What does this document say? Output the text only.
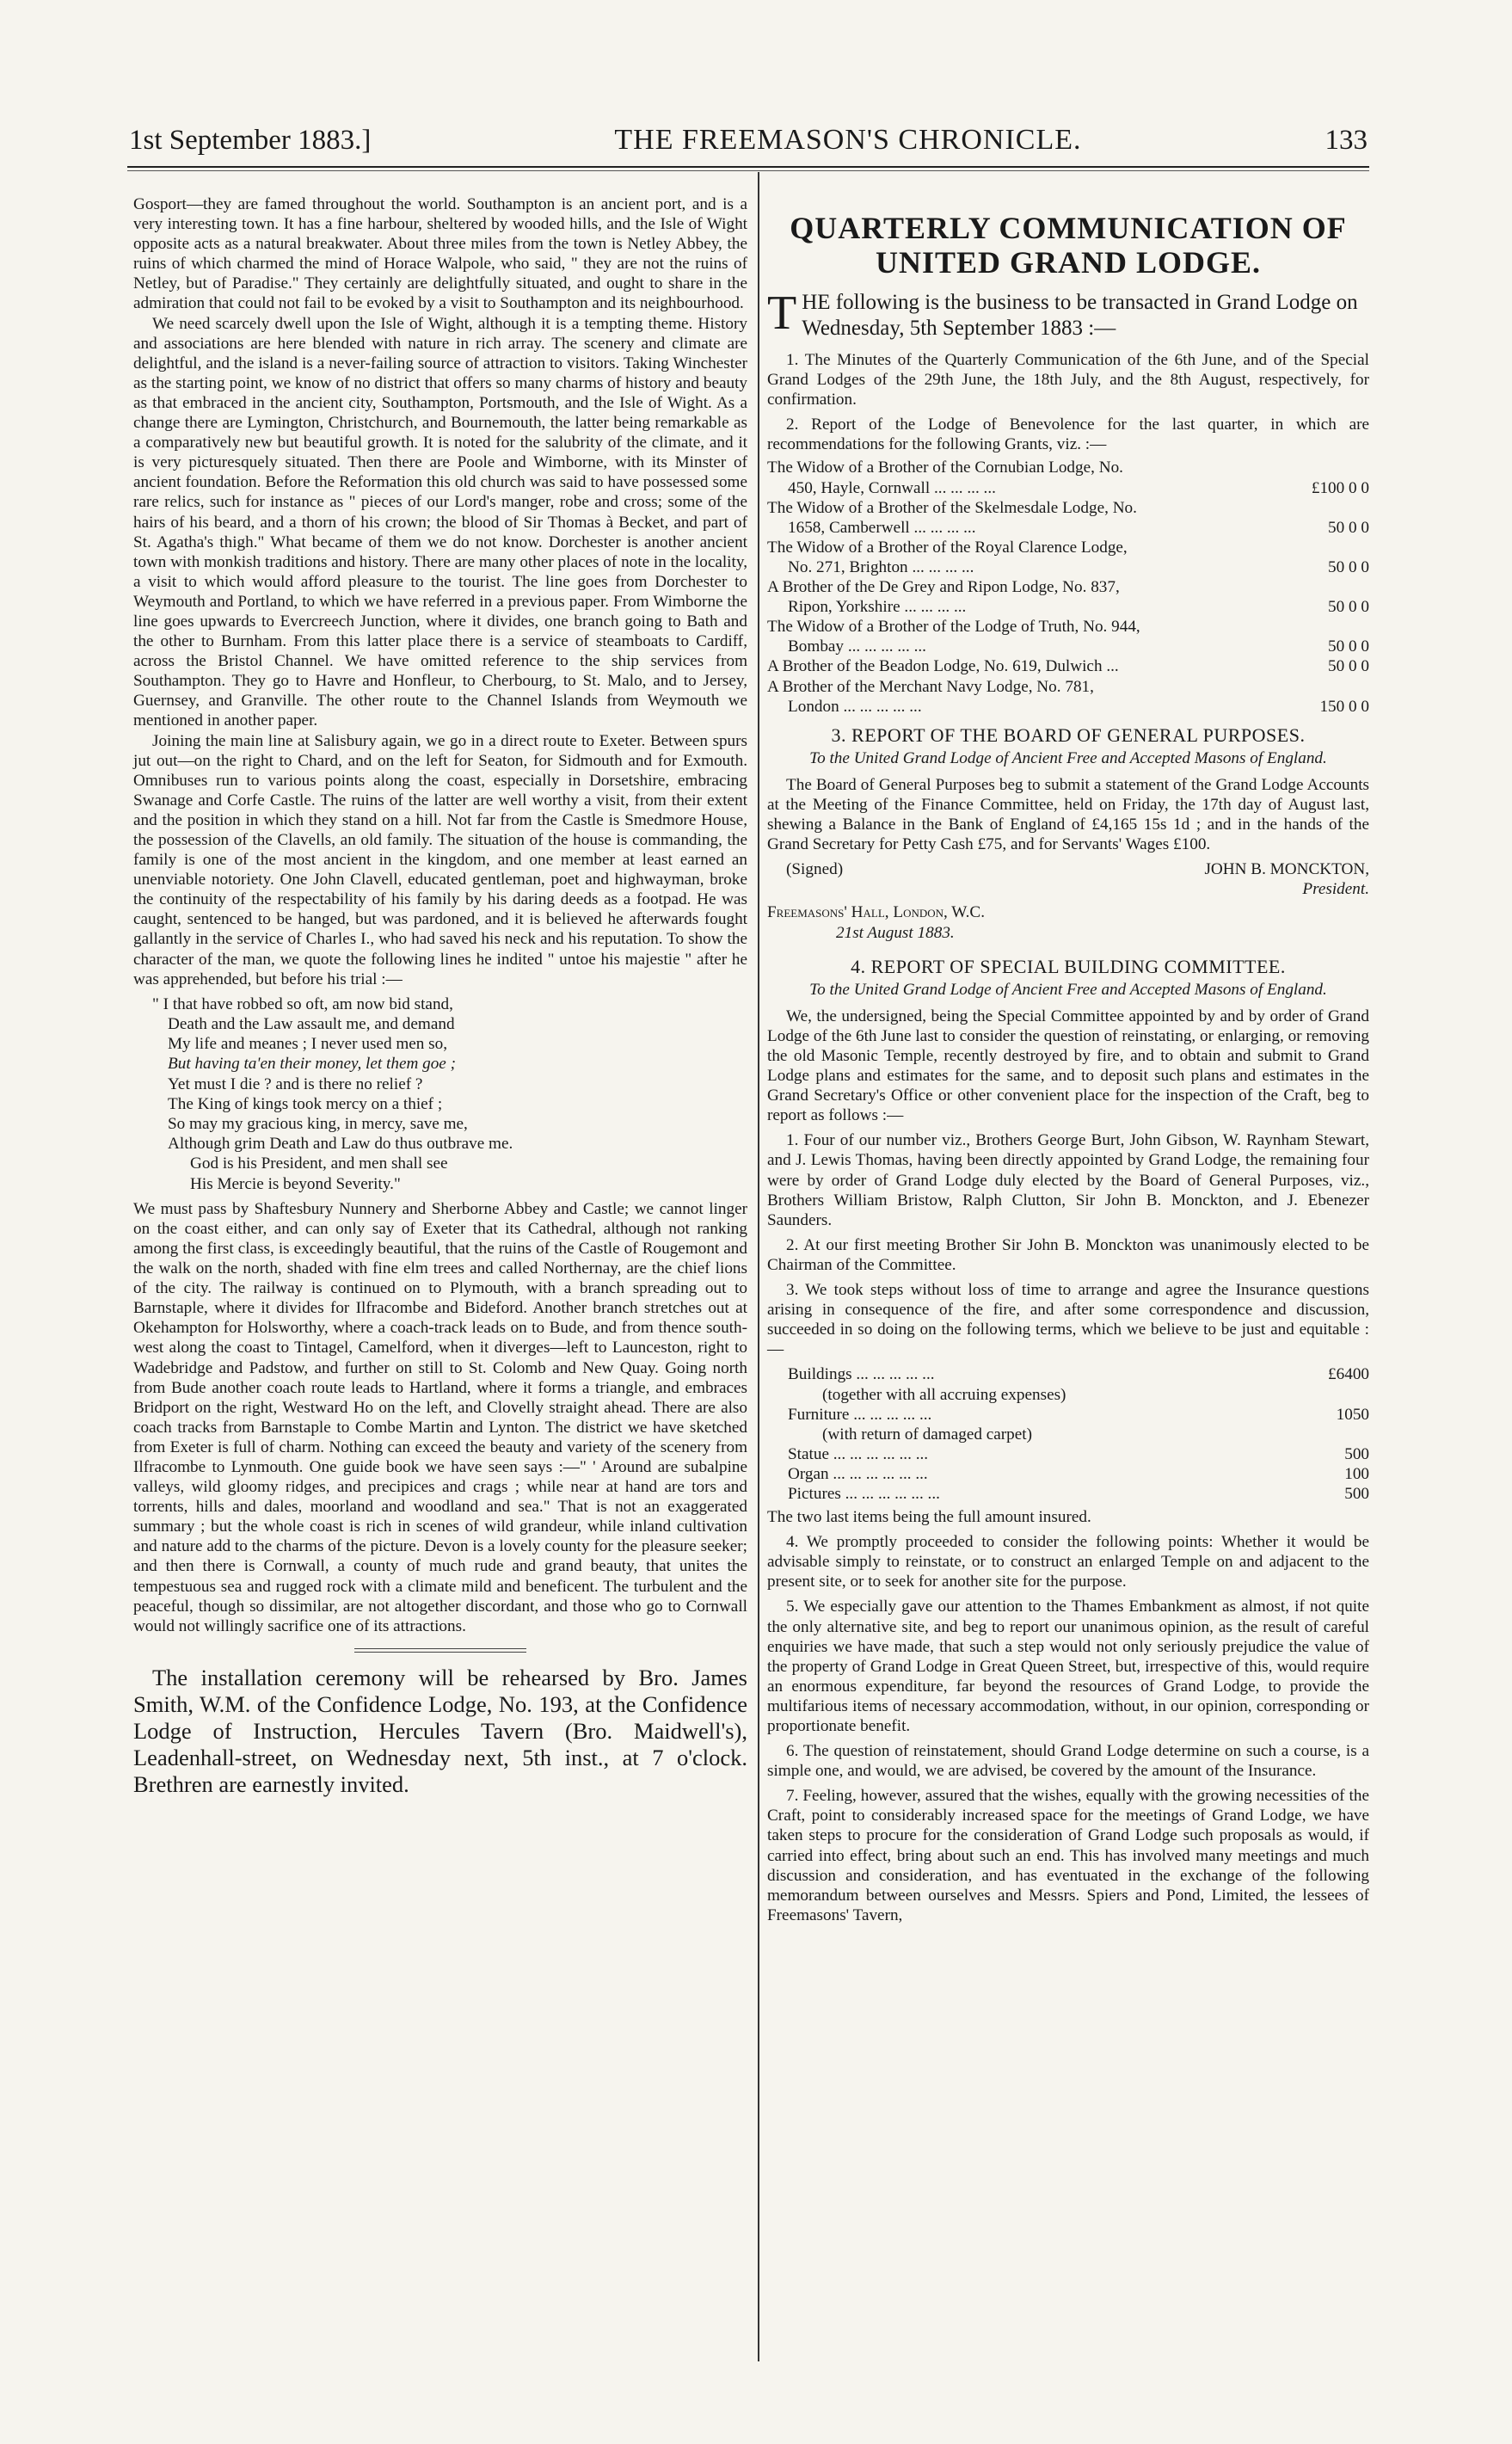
1st September 1883.]	THE FREEMASON'S CHRONICLE.	133

Gosport—they are famed throughout the world. Southampton is an ancient port, and is a very interesting town. It has a fine harbour, sheltered by wooded hills, and the Isle of Wight opposite acts as a natural breakwater. About three miles from the town is Netley Abbey, the ruins of which charmed the mind of Horace Walpole, who said, " they are not the ruins of Netley, but of Paradise." They certainly are delightfully situated, and ought to share in the admiration that could not fail to be evoked by a visit to Southampton and its neighbourhood.

We need scarcely dwell upon the Isle of Wight, although it is a tempting theme. History and associations are here blended with nature in rich array. The scenery and climate are delightful, and the island is a never-failing source of attraction to visitors. Taking Winchester as the starting point, we know of no district that offers so many charms of history and beauty as that embraced in the ancient city, Southampton, Portsmouth, and the Isle of Wight. As a change there are Lymington, Christchurch, and Bournemouth, the latter being remarkable as a comparatively new but beautiful growth. It is noted for the salubrity of the climate, and it is very picturesquely situated. Then there are Poole and Wimborne, with its Minster of ancient foundation. Before the Reformation this old church was said to have possessed some rare relics, such for instance as " pieces of our Lord's manger, robe and cross; some of the hairs of his beard, and a thorn of his crown; the blood of Sir Thomas à Becket, and part of St. Agatha's thigh." What became of them we do not know. Dorchester is another ancient town with monkish traditions and history. There are many other places of note in the locality, a visit to which would afford pleasure to the tourist. The line goes from Dorchester to Weymouth and Portland, to which we have referred in a previous paper. From Wimborne the line goes upwards to Evercreech Junction, where it divides, one branch going to Bath and the other to Burnham. From this latter place there is a service of steamboats to Cardiff, across the Bristol Channel. We have omitted reference to the ship services from Southampton. They go to Havre and Honfleur, to Cherbourg, to St. Malo, and to Jersey, Guernsey, and Granville. The other route to the Channel Islands from Weymouth we mentioned in another paper.

Joining the main line at Salisbury again, we go in a direct route to Exeter. Between spurs jut out—on the right to Chard, and on the left for Seaton, for Sidmouth and for Exmouth. Omnibuses run to various points along the coast, especially in Dorsetshire, embracing Swanage and Corfe Castle. The ruins of the latter are well worthy a visit, from their extent and the position in which they stand on a hill. Not far from the Castle is Smedmore House, the possession of the Clavells, an old family. The situation of the house is commanding, the family is one of the most ancient in the kingdom, and one member at least earned an unenviable notoriety. One John Clavell, educated gentleman, poet and highwayman, broke the continuity of the respectability of his family by his daring deeds as a footpad. He was caught, sentenced to be hanged, but was pardoned, and it is believed he afterwards fought gallantly in the service of Charles I., who had saved his neck and his reputation. To show the character of the man, we quote the following lines he indited " untoe his majestie " after he was apprehended, but before his trial :—

" I that have robbed so oft, am now bid stand,
Death and the Law assault me, and demand
My life and meanes ; I never used men so,
But having ta'en their money, let them goe ;
Yet must I die ? and is there no relief ?
The King of kings took mercy on a thief ;
So may my gracious king, in mercy, save me,
Although grim Death and Law do thus outbrave me.
God is his President, and men shall see
His Mercie is beyond Severity."

We must pass by Shaftesbury Nunnery and Sherborne Abbey and Castle; we cannot linger on the coast either, and can only say of Exeter that its Cathedral, although not ranking among the first class, is exceedingly beautiful, that the ruins of the Castle of Rougemont and the walk on the north, shaded with fine elm trees and called Northernay, are the chief lions of the city. The railway is continued on to Plymouth, with a branch spreading out to Barnstaple, where it divides for Ilfracombe and Bideford. Another branch stretches out at Okehampton for Holsworthy, where a coach-track leads on to Bude, and from thence south-west along the coast to Tintagel, Camelford, when it diverges—left to Launceston, right to Wadebridge and Padstow, and further on still to St. Colomb and New Quay. Going north from Bude another coach route leads to Hartland, where it forms a triangle, and embraces Bridport on the right, Westward Ho on the left, and Clovelly straight ahead. There are also coach tracks from Barnstaple to Combe Martin and Lynton. The district we have sketched from Exeter is full of charm. Nothing can exceed the beauty and variety of the scenery from Ilfracombe to Lynmouth. One guide book we have seen says :—" ' Around are subalpine valleys, wild gloomy ridges, and precipices and crags ; while near at hand are tors and torrents, hills and dales, moorland and woodland and sea." That is not an exaggerated summary ; but the whole coast is rich in scenes of wild grandeur, while inland cultivation and nature add to the charms of the picture. Devon is a lovely county for the pleasure seeker; and then there is Cornwall, a county of much rude and grand beauty, that unites the tempestuous sea and rugged rock with a climate mild and beneficent. The turbulent and the peaceful, though so dissimilar, are not altogether discordant, and those who go to Cornwall would not willingly sacrifice one of its attractions.

The installation ceremony will be rehearsed by Bro. James Smith, W.M. of the Confidence Lodge, No. 193, at the Confidence Lodge of Instruction, Hercules Tavern (Bro. Maidwell's), Leadenhall-street, on Wednesday next, 5th inst., at 7 o'clock. Brethren are earnestly invited.

QUARTERLY COMMUNICATION OF UNITED GRAND LODGE.
T HE following is the business to be transacted in Grand Lodge on Wednesday, 5th September 1883 :—

1. The Minutes of the Quarterly Communication of the 6th June, and of the Special Grand Lodges of the 29th June, the 18th July, and the 8th August, respectively, for confirmation.

2. Report of the Lodge of Benevolence for the last quarter, in which are recommendations for the following Grants, viz. :—

The Widow of a Brother of the Cornubian Lodge, No.
450, Hayle, Cornwall ... ... ... ...	£100 0 0
The Widow of a Brother of the Skelmesdale Lodge, No.
1658, Camberwell ... ... ... ...	50 0 0
The Widow of a Brother of the Royal Clarence Lodge,
No. 271, Brighton ... ... ... ...	50 0 0
A Brother of the De Grey and Ripon Lodge, No. 837,
Ripon, Yorkshire ... ... ... ...	50 0 0
The Widow of a Brother of the Lodge of Truth, No. 944,
Bombay ... ... ... ... ...	50 0 0
A Brother of the Beadon Lodge, No. 619, Dulwich ...	50 0 0
A Brother of the Merchant Navy Lodge, No. 781,
London ... ... ... ... ...	150 0 0
3. REPORT OF THE BOARD OF GENERAL PURPOSES.
To the United Grand Lodge of Ancient Free and Accepted Masons of England.

The Board of General Purposes beg to submit a statement of the Grand Lodge Accounts at the Meeting of the Finance Committee, held on Friday, the 17th day of August last, shewing a Balance in the Bank of England of £4,165 15s 1d ; and in the hands of the Grand Secretary for Petty Cash £75, and for Servants' Wages £100.

(Signed)	JOHN B. MONCKTON,
President.
Freemasons' Hall, London, W.C.
21st August 1883.
4. REPORT OF SPECIAL BUILDING COMMITTEE.
To the United Grand Lodge of Ancient Free and Accepted Masons of England.

We, the undersigned, being the Special Committee appointed by and by order of Grand Lodge of the 6th June last to consider the question of reinstating, or enlarging, or removing the old Masonic Temple, recently destroyed by fire, and to obtain and submit to Grand Lodge plans and estimates for the same, and to deposit such plans and estimates in the Grand Secretary's Office or other convenient place for the inspection of the Craft, beg to report as follows :—

1. Four of our number viz., Brothers George Burt, John Gibson, W. Raynham Stewart, and J. Lewis Thomas, having been directly appointed by Grand Lodge, the remaining four were by order of Grand Lodge duly elected by the Board of General Purposes, viz., Brothers William Bristow, Ralph Clutton, Sir John B. Monckton, and J. Ebenezer Saunders.

2. At our first meeting Brother Sir John B. Monckton was unanimously elected to be Chairman of the Committee.

3. We took steps without loss of time to arrange and agree the Insurance questions arising in consequence of the fire, and after some correspondence and discussion, succeeded in so doing on the following terms, which we believe to be just and equitable :—

Buildings ... ... ... ... ...	£6400
(together with all accruing expenses)
Furniture ... ... ... ... ...	1050
(with return of damaged carpet)
Statue ... ... ... ... ... ...	500
Organ ... ... ... ... ... ...	100
Pictures ... ... ... ... ... ...	500

The two last items being the full amount insured.

4. We promptly proceeded to consider the following points: Whether it would be advisable simply to reinstate, or to construct an enlarged Temple on and adjacent to the present site, or to seek for another site for the purpose.

5. We especially gave our attention to the Thames Embankment as almost, if not quite the only alternative site, and beg to report our unanimous opinion, as the result of careful enquiries we have made, that such a step would not only seriously prejudice the value of the property of Grand Lodge in Great Queen Street, but, irrespective of this, would require an enormous expenditure, far beyond the resources of Grand Lodge, to provide the multifarious items of necessary accommodation, without, in our opinion, corresponding or proportionate benefit.

6. The question of reinstatement, should Grand Lodge determine on such a course, is a simple one, and would, we are advised, be covered by the amount of the Insurance.

7. Feeling, however, assured that the wishes, equally with the growing necessities of the Craft, point to considerably increased space for the meetings of Grand Lodge, we have taken steps to procure for the consideration of Grand Lodge such proposals as would, if carried into effect, bring about such an end. This has involved many meetings and much discussion and consideration, and has eventuated in the exchange of the following memorandum between ourselves and Messrs. Spiers and Pond, Limited, the lessees of Freemasons' Tavern,
